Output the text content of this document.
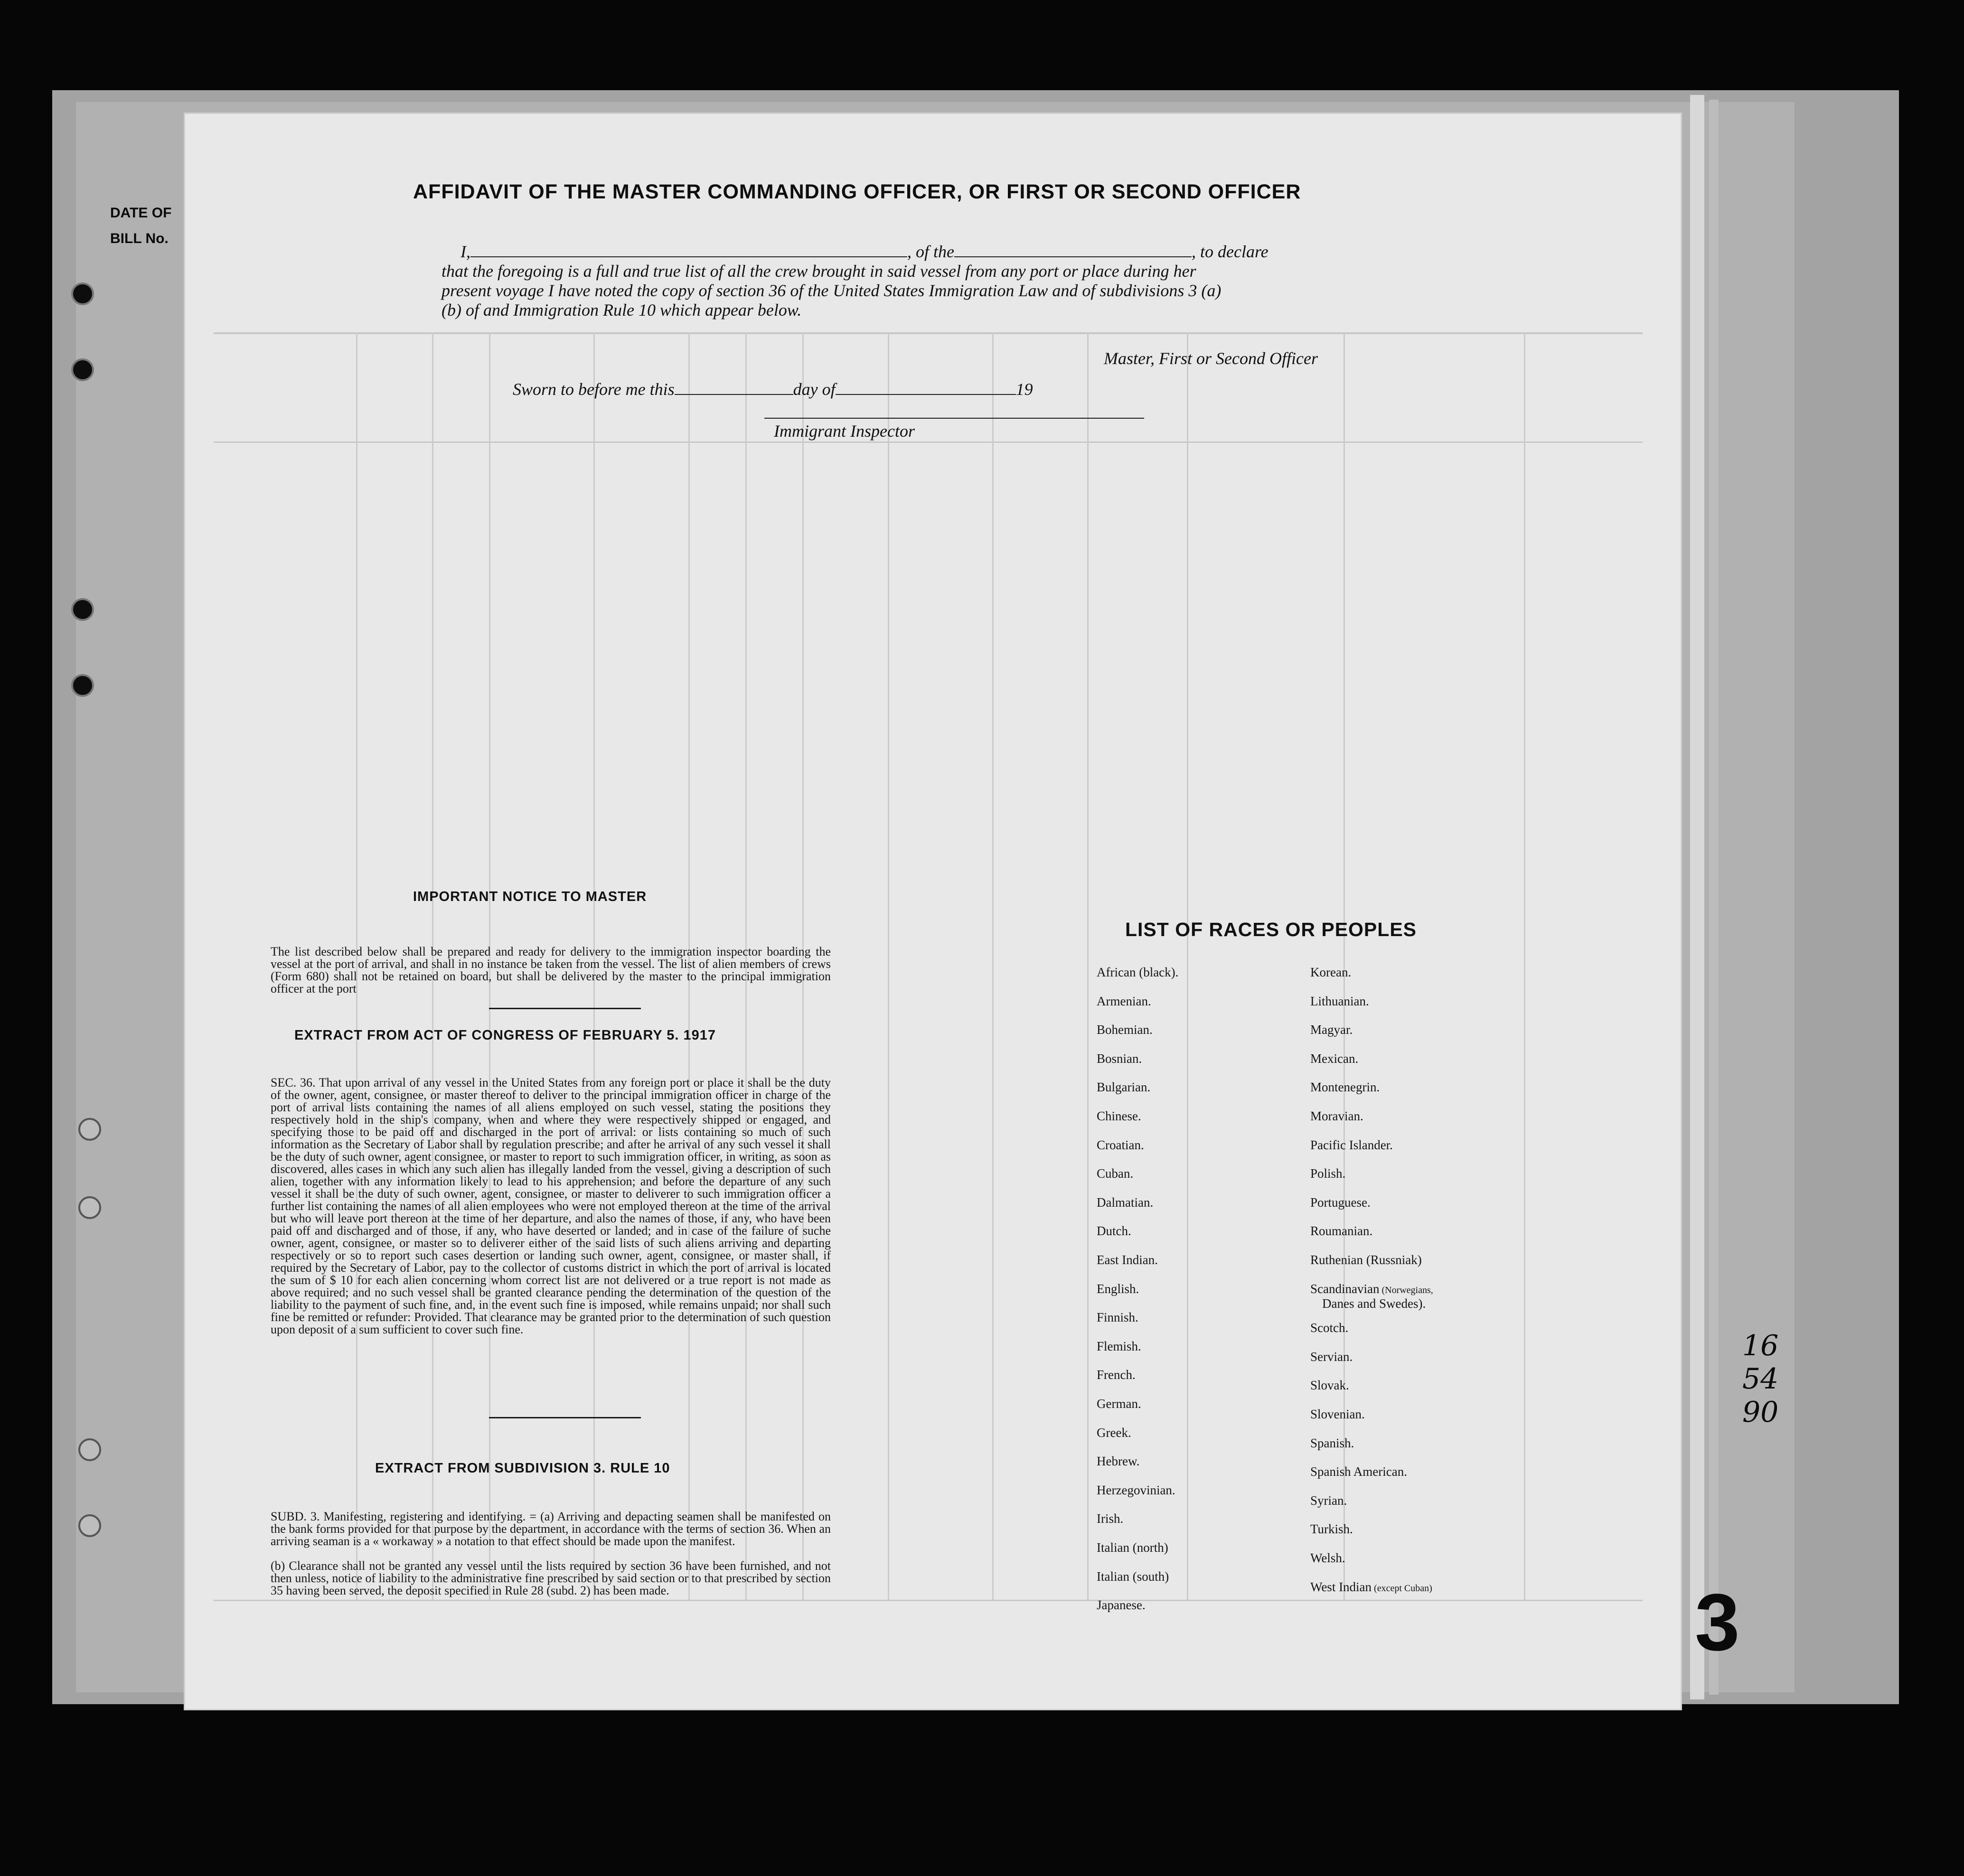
DATE OF
BILL No.
AFFIDAVIT OF THE MASTER COMMANDING OFFICER, OR FIRST OR SECOND OFFICER
I,	, of the	, to declare
that the foregoing is a full and true list of all the crew brought in said vessel from any port or place during her
present voyage I have noted the copy of section 36 of the United States Immigration Law and of subdivisions 3 (a)
(b) of and Immigration Rule 10 which appear below.
Master, First or Second Officer
Sworn to before me this	day of	19
Immigrant Inspector
IMPORTANT NOTICE TO MASTER
The list described below shall be prepared and ready for delivery to the immigration inspector boarding the vessel at the port of arrival, and shall in no instance be taken from the vessel. The list of alien members of crews (Form 680) shall not be retained on board, but shall be delivered by the master to the principal immigration officer at the port
EXTRACT FROM ACT OF CONGRESS OF FEBRUARY 5. 1917
SEC. 36. That upon arrival of any vessel in the United States from any foreign port or place it shall be the duty of the owner, agent, consignee, or master thereof to deliver to the principal immigration officer in charge of the port of arrival lists containing the names of all aliens employed on such vessel, stating the positions they respectively hold in the ship's company, when and where they were respectively shipped or engaged, and specifying those to be paid off and discharged in the port of arrival: or lists containing so much of such information as the Secretary of Labor shall by regulation prescribe; and after he arrival of any such vessel it shall be the duty of such owner, agent consignee, or master to report to such immigration officer, in writing, as soon as discovered, alles cases in which any such alien has illegally landed from the vessel, giving a description of such alien, together with any information likely to lead to his apprehension; and before the departure of any such vessel it shall be the duty of such owner, agent, consignee, or master to deliverer to such immigration officer a further list containing the names of all alien employees who were not employed thereon at the time of the arrival but who will leave port thereon at the time of her departure, and also the names of those, if any, who have been paid off and discharged and of those, if any, who have deserted or landed; and in case of the failure of suche owner, agent, consignee, or master so to deliverer either of the said lists of such aliens arriving and departing respectively or so to report such cases desertion or landing such owner, agent, consignee, or master shall, if required by the Secretary of Labor, pay to the collector of customs district in which the port of arrival is located the sum of $ 10 for each alien concerning whom correct list are not delivered or a true report is not made as above required; and no such vessel shall be granted clearance pending the determination of the question of the liability to the payment of such fine, and, in the event such fine is imposed, while remains unpaid; nor shall such fine be remitted or refunder: Provided. That clearance may be granted prior to the determination of such question upon deposit of a sum sufficient to cover such fine.
EXTRACT FROM SUBDIVISION 3. RULE 10
SUBD. 3. Manifesting, registering and identifying. = (a) Arriving and depacting seamen shall be manifested on the bank forms provided for that purpose by the department, in accordance with the terms of section 36. When an arriving seaman is a « workaway » a notation to that effect should be made upon the manifest.
(b) Clearance shall not be granted any vessel until the lists required by section 36 have been furnished, and not then unless, notice of liability to the administrative fine prescribed by said section or to that prescribed by section 35 having been served, the deposit specified in Rule 28 (subd. 2) has been made.
LIST OF RACES OR PEOPLES
African (black).
Armenian.
Bohemian.
Bosnian.
Bulgarian.
Chinese.
Croatian.
Cuban.
Dalmatian.
Dutch.
East Indian.
English.
Finnish.
Flemish.
French.
German.
Greek.
Hebrew.
Herzegovinian.
Irish.
Italian (north)
Italian (south)
Japanese.
Korean.
Lithuanian.
Magyar.
Mexican.
Montenegrin.
Moravian.
Pacific Islander.
Polish.
Portuguese.
Roumanian.
Ruthenian (Russniak)
Danes and Swedes).
Scandinavian (Norwegians,
Scotch.
Servian.
Slovak.
Slovenian.
Spanish.
Spanish American.
Syrian.
Turkish.
Welsh.
West Indian (except Cuban)	3
16
54
90
